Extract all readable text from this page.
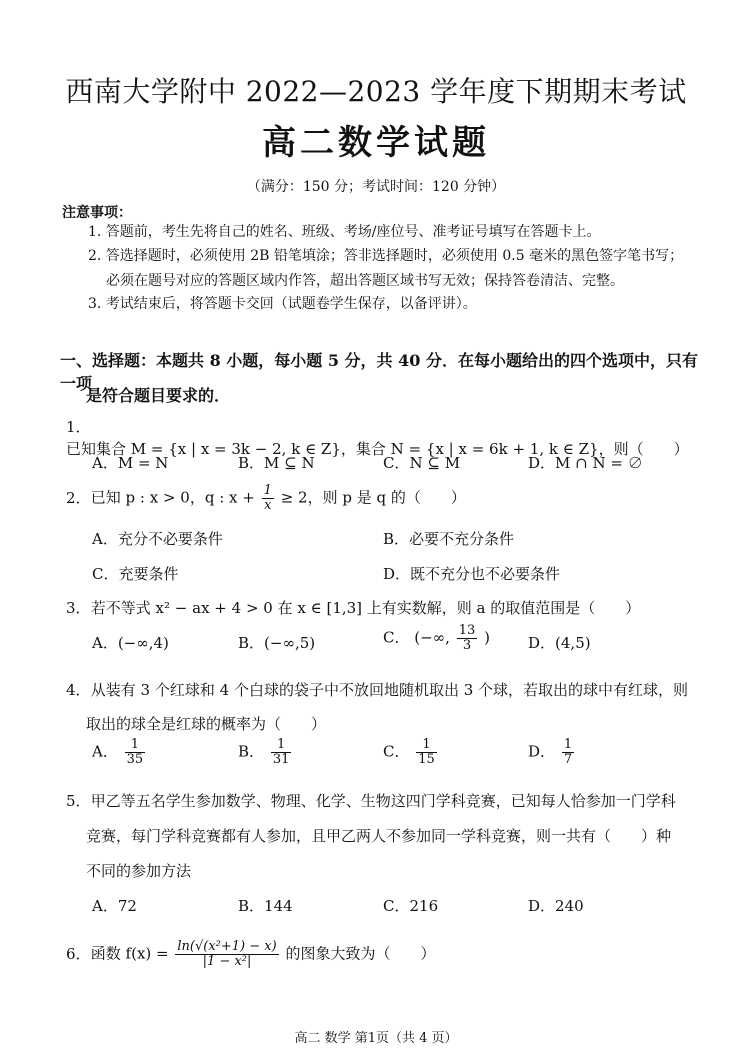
西南大学附中 2022—2023 学年度下期期末考试
高二数学试题
（满分：150 分；考试时间：120 分钟）
注意事项：
1. 答题前，考生先将自己的姓名、班级、考场/座位号、准考证号填写在答题卡上。
2. 答选择题时，必须使用 2B 铅笔填涂；答非选择题时，必须使用 0.5 毫米的黑色签字笔书写；
必须在题号对应的答题区域内作答，超出答题区域书写无效；保持答卷清洁、完整。
3. 考试结束后，将答题卡交回（试题卷学生保存，以备评讲）。
一、选择题：本题共 8 小题，每小题 5 分，共 40 分．在每小题给出的四个选项中，只有一项
是符合题目要求的．
1． 已知集合 M = {x | x = 3k − 2, k ∈ Z}，集合 N = {x | x = 6k + 1, k ∈ Z}，则（　　）
A．M = N	B．M ⊆ N	C．N ⊆ M	D．M ∩ N = ∅
2． 已知 p : x > 0，q : $x + \frac{1}{x} \ge 2$，则 p 是 q 的（　　）
A．充分不必要条件	B．必要不充分条件
C．充要条件	D．既不充分也不必要条件
3． 若不等式 x² − ax + 4 > 0 在 x ∈ [1,3] 上有实数解，则 a 的取值范围是（　　）
A．(−∞,4)	B．(−∞,5)	C． (−∞, $\frac{13}{3}$ )	D．(4,5)
4． 从装有 3 个红球和 4 个白球的袋子中不放回地随机取出 3 个球，若取出的球中有红球，则
取出的球全是红球的概率为（　　）
A． $\frac{1}{35}$	B． $\frac{1}{31}$	C． $\frac{1}{15}$	D． $\frac{1}{7}$
5． 甲乙等五名学生参加数学、物理、化学、生物这四门学科竞赛，已知每人恰参加一门学科
竞赛，每门学科竞赛都有人参加，且甲乙两人不参加同一学科竞赛，则一共有（　　）种
不同的参加方法
A．72	B．144	C．216	D．240
6． 函数 $f(x) = \frac{\text{ln(√(x²+1) − x)}}{\text{|1 − x²|}}$ 的图象大致为（　　）
高二 数学 第1页（共 4 页）
